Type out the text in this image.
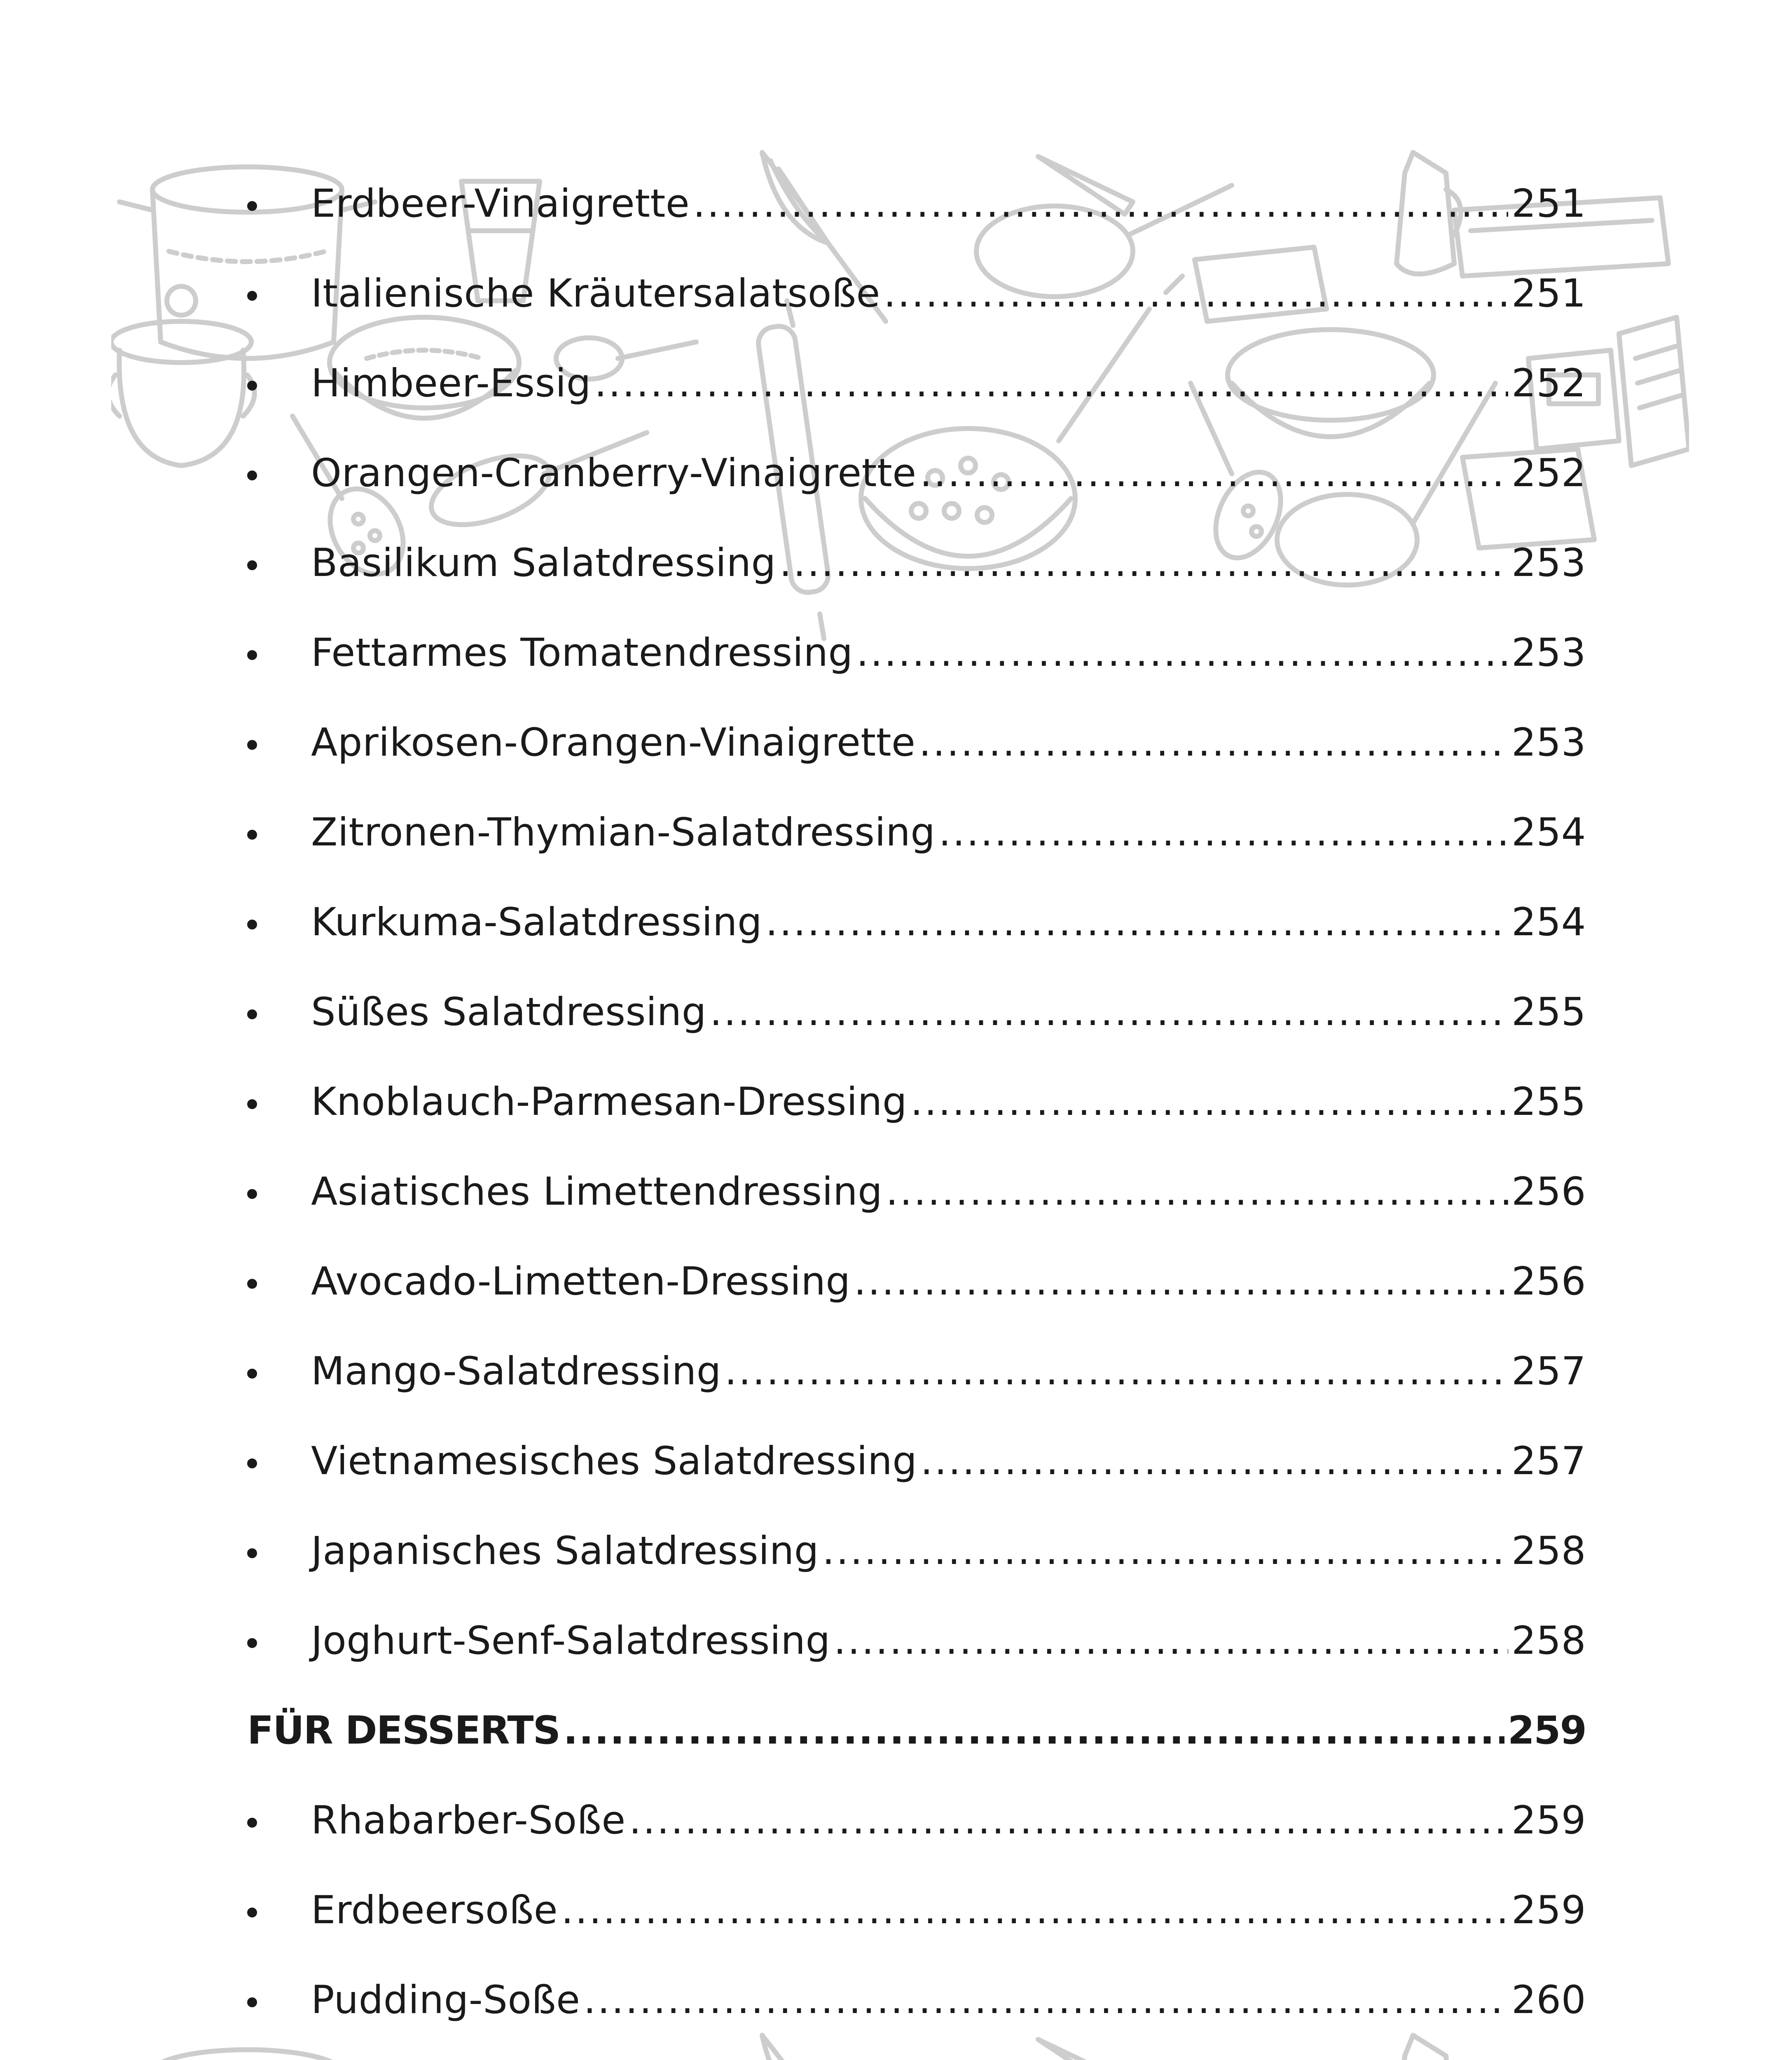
Erdbeer-Vinaigrette .....	251
Italienische Kräutersalatsoße .....	251
Himbeer-Essig .....	252
Orangen-Cranberry-Vinaigrette .....	252
Basilikum Salatdressing .....	253
Fettarmes Tomatendressing .....	253
Aprikosen-Orangen-Vinaigrette .....	253
Zitronen-Thymian-Salatdressing .....	254
Kurkuma-Salatdressing .....	254
Süßes Salatdressing .....	255
Knoblauch-Parmesan-Dressing .....	255
Asiatisches Limettendressing .....	256
Avocado-Limetten-Dressing .....	256
Mango-Salatdressing .....	257
Vietnamesisches Salatdressing .....	257
Japanisches Salatdressing .....	258
Joghurt-Senf-Salatdressing .....	258
FÜR DESSERTS .....	259
Rhabarber-Soße .....	259
Erdbeersoße .....	259
Pudding-Soße .....	260
